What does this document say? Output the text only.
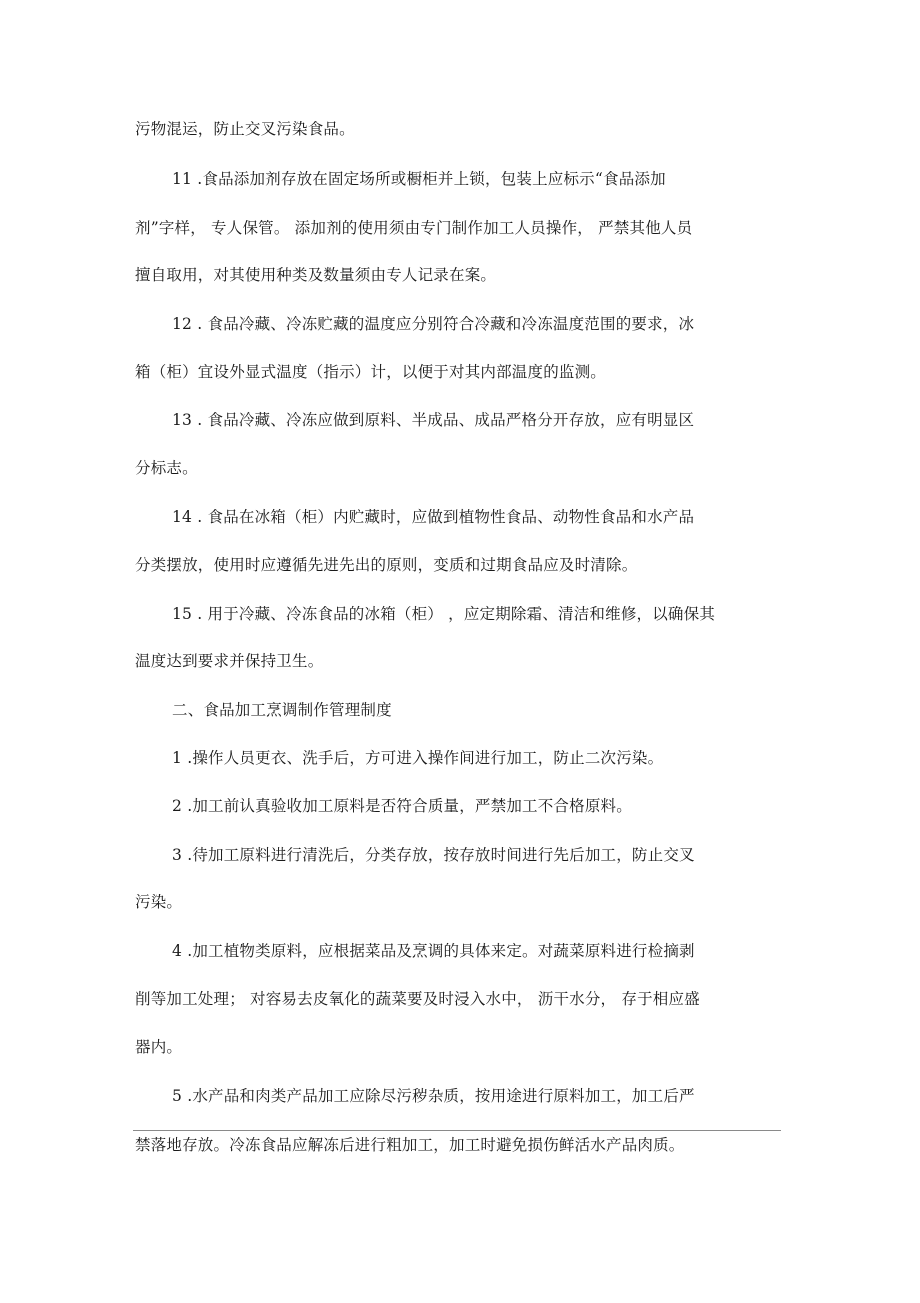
污物混运，防止交叉污染食品。
11 .食品添加剂存放在固定场所或橱柜并上锁，包装上应标示“食品添加
剂”字样， 专人保管。 添加剂的使用须由专门制作加工人员操作， 严禁其他人员
擅自取用，对其使用种类及数量须由专人记录在案。
12 . 食品冷藏、冷冻贮藏的温度应分别符合冷藏和冷冻温度范围的要求，冰
箱（柜）宜设外显式温度（指示）计，以便于对其内部温度的监测。
13 . 食品冷藏、冷冻应做到原料、半成品、成品严格分开存放，应有明显区
分标志。
14 . 食品在冰箱（柜）内贮藏时，应做到植物性食品、动物性食品和水产品
分类摆放，使用时应遵循先进先出的原则，变质和过期食品应及时清除。
15 . 用于冷藏、冷冻食品的冰箱（柜） ，应定期除霜、清洁和维修，以确保其
温度达到要求并保持卫生。
二、食品加工烹调制作管理制度
1 .操作人员更衣、洗手后，方可进入操作间进行加工，防止二次污染。
2 .加工前认真验收加工原料是否符合质量，严禁加工不合格原料。
3 .待加工原料进行清洗后，分类存放，按存放时间进行先后加工，防止交叉
污染。
4 .加工植物类原料，应根据菜品及烹调的具体来定。对蔬菜原料进行检摘剥
削等加工处理； 对容易去皮氧化的蔬菜要及时浸入水中， 沥干水分， 存于相应盛
器内。
5 .水产品和肉类产品加工应除尽污秽杂质，按用途进行原料加工，加工后严
禁落地存放。冷冻食品应解冻后进行粗加工，加工时避免损伤鲜活水产品肉质。
